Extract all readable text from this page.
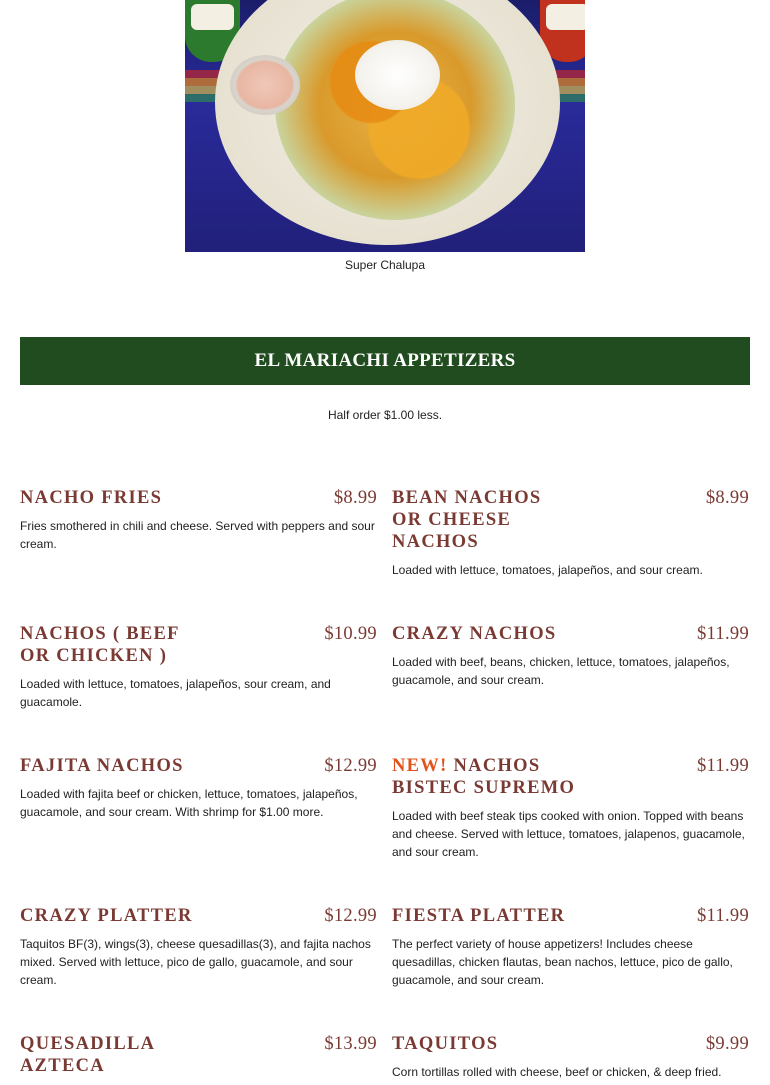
Super Chalupa
EL MARIACHI APPETIZERS
Half order $1.00 less.
NACHO FRIES	$8.99
Fries smothered in chili and cheese. Served with peppers and sour cream.
BEAN NACHOS OR CHEESE NACHOS
$8.99
Loaded with lettuce, tomatoes, jalapeños, and sour cream.
NACHOS ( BEEF OR CHICKEN )
$10.99
Loaded with lettuce, tomatoes, jalapeños, sour cream, and guacamole.
CRAZY NACHOS	$11.99
Loaded with beef, beans, chicken, lettuce, tomatoes, jalapeños, guacamole, and sour cream.
FAJITA NACHOS	$12.99
Loaded with fajita beef or chicken, lettuce, tomatoes, jalapeños, guacamole, and sour cream. With shrimp for $1.00 more.
NEW! NACHOS BISTEC SUPREMO
$11.99
Loaded with beef steak tips cooked with onion. Topped with beans and cheese. Served with lettuce, tomatoes, jalapenos, guacamole, and sour cream.
CRAZY PLATTER	$12.99
Taquitos BF(3), wings(3), cheese quesadillas(3), and fajita nachos mixed. Served with lettuce, pico de gallo, guacamole, and sour cream.
FIESTA PLATTER	$11.99
The perfect variety of house appetizers! Includes cheese quesadillas, chicken flautas, bean nachos, lettuce, pico de gallo, guacamole, and sour cream.
QUESADILLA AZTECA
$13.99 TAQUITOS	$9.99
Corn tortillas rolled with cheese, beef or chicken, & deep fried.
